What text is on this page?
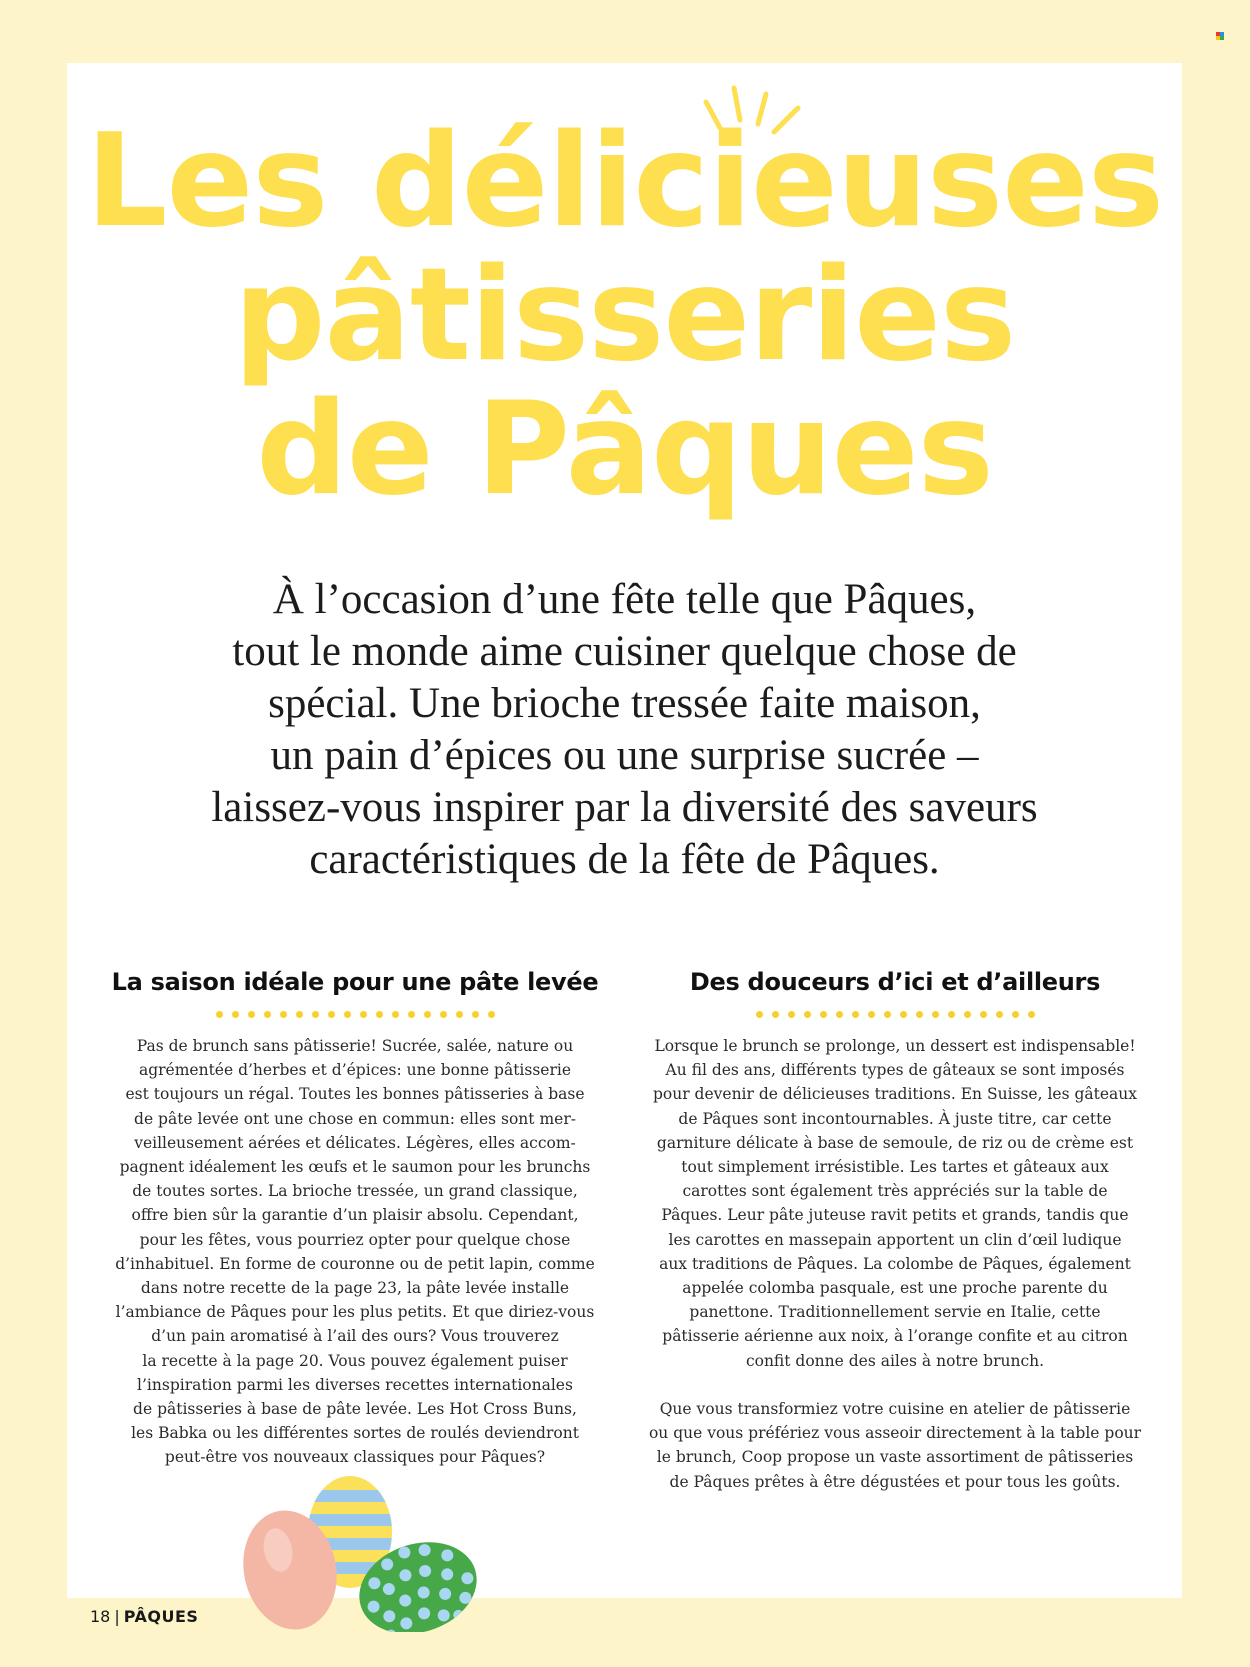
Les délicieuses
pâtisseries
de Pâques

À l’occasion d’une fête telle que Pâques,
tout le monde aime cuisiner quelque chose de
spécial. Une brioche tressée faite maison,
un pain d’épices ou une surprise sucrée –
laissez-vous inspirer par la diversité des saveurs
caractéristiques de la fête de Pâques.

La saison idéale pour une pâte levée
Pas de brunch sans pâtisserie! Sucrée, salée, nature ou
agrémentée d’herbes et d’épices: une bonne pâtisserie
est toujours un régal. Toutes les bonnes pâtisseries à base
de pâte levée ont une chose en commun: elles sont mer-
veilleusement aérées et délicates. Légères, elles accom-
pagnent idéalement les œufs et le saumon pour les brunchs
de toutes sortes. La brioche tressée, un grand classique,
offre bien sûr la garantie d’un plaisir absolu. Cependant,
pour les fêtes, vous pourriez opter pour quelque chose
d’inhabituel. En forme de couronne ou de petit lapin, comme
dans notre recette de la page 23, la pâte levée installe
l’ambiance de Pâques pour les plus petits. Et que diriez-vous
d’un pain aromatisé à l’ail des ours? Vous trouverez
la recette à la page 20. Vous pouvez également puiser
l’inspiration parmi les diverses recettes internationales
de pâtisseries à base de pâte levée. Les Hot Cross Buns,
les Babka ou les différentes sortes de roulés deviendront
peut-être vos nouveaux classiques pour Pâques?
Des douceurs d’ici et d’ailleurs
Lorsque le brunch se prolonge, un dessert est indispensable!
Au fil des ans, différents types de gâteaux se sont imposés
pour devenir de délicieuses traditions. En Suisse, les gâteaux
de Pâques sont incontournables. À juste titre, car cette
garniture délicate à base de semoule, de riz ou de crème est
tout simplement irrésistible. Les tartes et gâteaux aux
carottes sont également très appréciés sur la table de
Pâques. Leur pâte juteuse ravit petits et grands, tandis que
les carottes en massepain apportent un clin d’œil ludique
aux traditions de Pâques. La colombe de Pâques, également
appelée colomba pasquale, est une proche parente du
panettone. Traditionnellement servie en Italie, cette
pâtisserie aérienne aux noix, à l’orange confite et au citron
confit donne des ailes à notre brunch.
Que vous transformiez votre cuisine en atelier de pâtisserie
ou que vous préfériez vous asseoir directement à la table pour
le brunch, Coop propose un vaste assortiment de pâtisseries
de Pâques prêtes à être dégustées et pour tous les goûts.
18 | PÂQUES
